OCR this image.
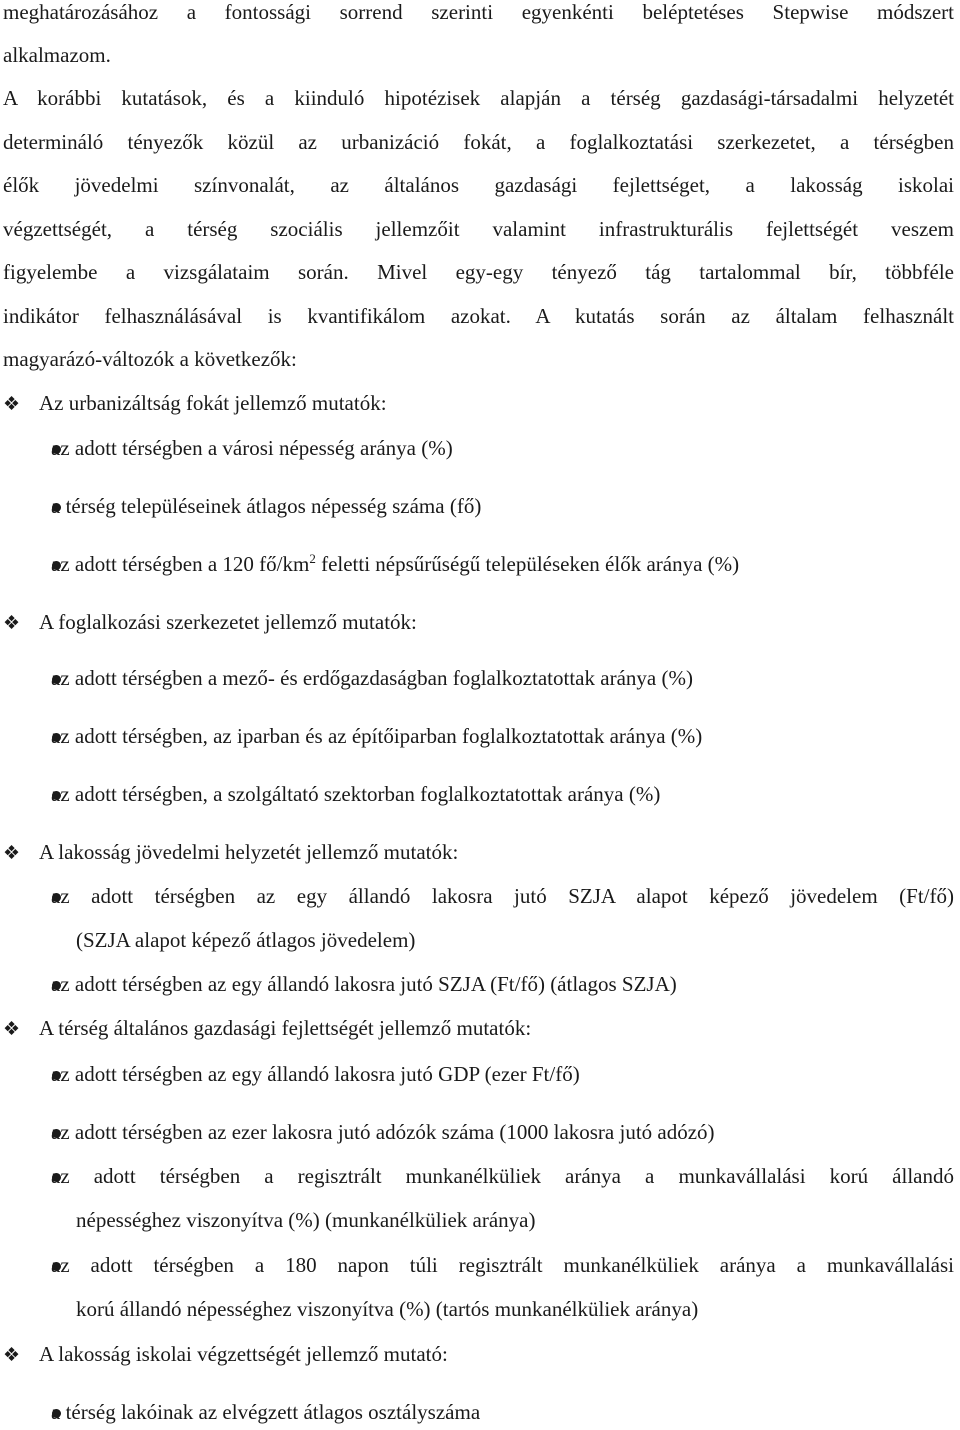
meghatározásához a fontossági sorrend szerinti egyenkénti beléptetéses Stepwise módszert
alkalmazom.
A korábbi kutatások, és a kiinduló hipotézisek alapján a térség gazdasági-társadalmi helyzetét
determináló tényezők közül az urbanizáció fokát, a foglalkoztatási szerkezetet, a térségben
élők jövedelmi színvonalát, az általános gazdasági fejlettséget, a lakosság iskolai
végzettségét, a térség szociális jellemzőit valamint infrastrukturális fejlettségét veszem
figyelembe a vizsgálataim során. Mivel egy-egy tényező tág tartalommal bír, többféle
indikátor felhasználásával is kvantifikálom azokat. A kutatás során az általam felhasznált
magyarázó-változók a következők:
❖ Az urbanizáltság fokát jellemző mutatók:
az adott térségben a városi népesség aránya (%)
a térség településeinek átlagos népesség száma (fő)
az adott térségben a 120 $fő/km^2$ feletti népsűrűségű településeken élők aránya (%)
❖ A foglalkozási szerkezetet jellemző mutatók:
az adott térségben a mező- és erdőgazdaságban foglalkoztatottak aránya (%)
az adott térségben, az iparban és az építőiparban foglalkoztatottak aránya (%)
az adott térségben, a szolgáltató szektorban foglalkoztatottak aránya (%)
❖ A lakosság jövedelmi helyzetét jellemző mutatók:
az adott térségben az egy állandó lakosra jutó SZJA alapot képező jövedelem (Ft/fő)
(SZJA alapot képező átlagos jövedelem)
az adott térségben az egy állandó lakosra jutó SZJA (Ft/fő) (átlagos SZJA)
❖ A térség általános gazdasági fejlettségét jellemző mutatók:
az adott térségben az egy állandó lakosra jutó GDP (ezer Ft/fő)
az adott térségben az ezer lakosra jutó adózók száma (1000 lakosra jutó adózó)
az adott térségben a regisztrált munkanélküliek aránya a munkavállalási korú állandó
népességhez viszonyítva (%) (munkanélküliek aránya)
az adott térségben a 180 napon túli regisztrált munkanélküliek aránya a munkavállalási
korú állandó népességhez viszonyítva (%) (tartós munkanélküliek aránya)
❖ A lakosság iskolai végzettségét jellemző mutató:
a térség lakóinak az elvégzett átlagos osztályszáma
